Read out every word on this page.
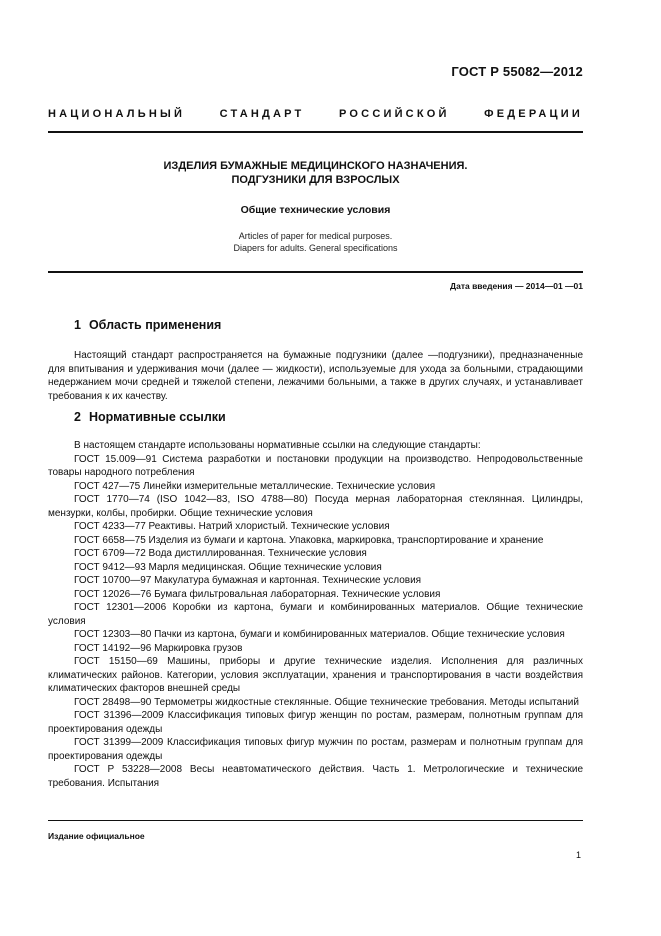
ГОСТ Р 55082—2012
НАЦИОНАЛЬНЫЙ СТАНДАРТ РОССИЙСКОЙ ФЕДЕРАЦИИ
ИЗДЕЛИЯ БУМАЖНЫЕ МЕДИЦИНСКОГО НАЗНАЧЕНИЯ.
ПОДГУЗНИКИ ДЛЯ ВЗРОСЛЫХ
Общие технические условия
Articles of paper for medical purposes.
Diapers for adults. General specifications
Дата введения — 2014—01 —01
1 Область применения

Настоящий стандарт распространяется на бумажные подгузники (далее —подгузники), предназначенные для впитывания и удерживания мочи (далее — жидкости), используемые для ухода за больными, страдающими недержанием мочи средней и тяжелой степени, лежачими больными, а также в других случаях, и устанавливает требования к их качеству.

2 Нормативные ссылки

В настоящем стандарте использованы нормативные ссылки на следующие стандарты:

ГОСТ 15.009—91 Система разработки и постановки продукции на производство. Непродовольственные товары народного потребления

ГОСТ 427—75 Линейки измерительные металлические. Технические условия

ГОСТ 1770—74 (ISO 1042—83, ISO 4788—80) Посуда мерная лабораторная стеклянная. Цилиндры, мензурки, колбы, пробирки. Общие технические условия

ГОСТ 4233—77 Реактивы. Натрий хлористый. Технические условия

ГОСТ 6658—75 Изделия из бумаги и картона. Упаковка, маркировка, транспортирование и хранение

ГОСТ 6709—72 Вода дистиллированная. Технические условия

ГОСТ 9412—93 Марля медицинская. Общие технические условия

ГОСТ 10700—97 Макулатура бумажная и картонная. Технические условия

ГОСТ 12026—76 Бумага фильтровальная лабораторная. Технические условия

ГОСТ 12301—2006 Коробки из картона, бумаги и комбинированных материалов. Общие технические условия

ГОСТ 12303—80 Пачки из картона, бумаги и комбинированных материалов. Общие технические условия

ГОСТ 14192—96 Маркировка грузов

ГОСТ 15150—69 Машины, приборы и другие технические изделия. Исполнения для различных климатических районов. Категории, условия эксплуатации, хранения и транспортирования в части воздействия климатических факторов внешней среды

ГОСТ 28498—90 Термометры жидкостные стеклянные. Общие технические требования. Методы испытаний

ГОСТ 31396—2009 Классификация типовых фигур женщин по ростам, размерам, полнотным группам для проектирования одежды

ГОСТ 31399—2009 Классификация типовых фигур мужчин по ростам, размерам и полнотным группам для проектирования одежды

ГОСТ Р 53228—2008 Весы неавтоматического действия. Часть 1. Метрологические и технические требования. Испытания

Издание официальное
1
